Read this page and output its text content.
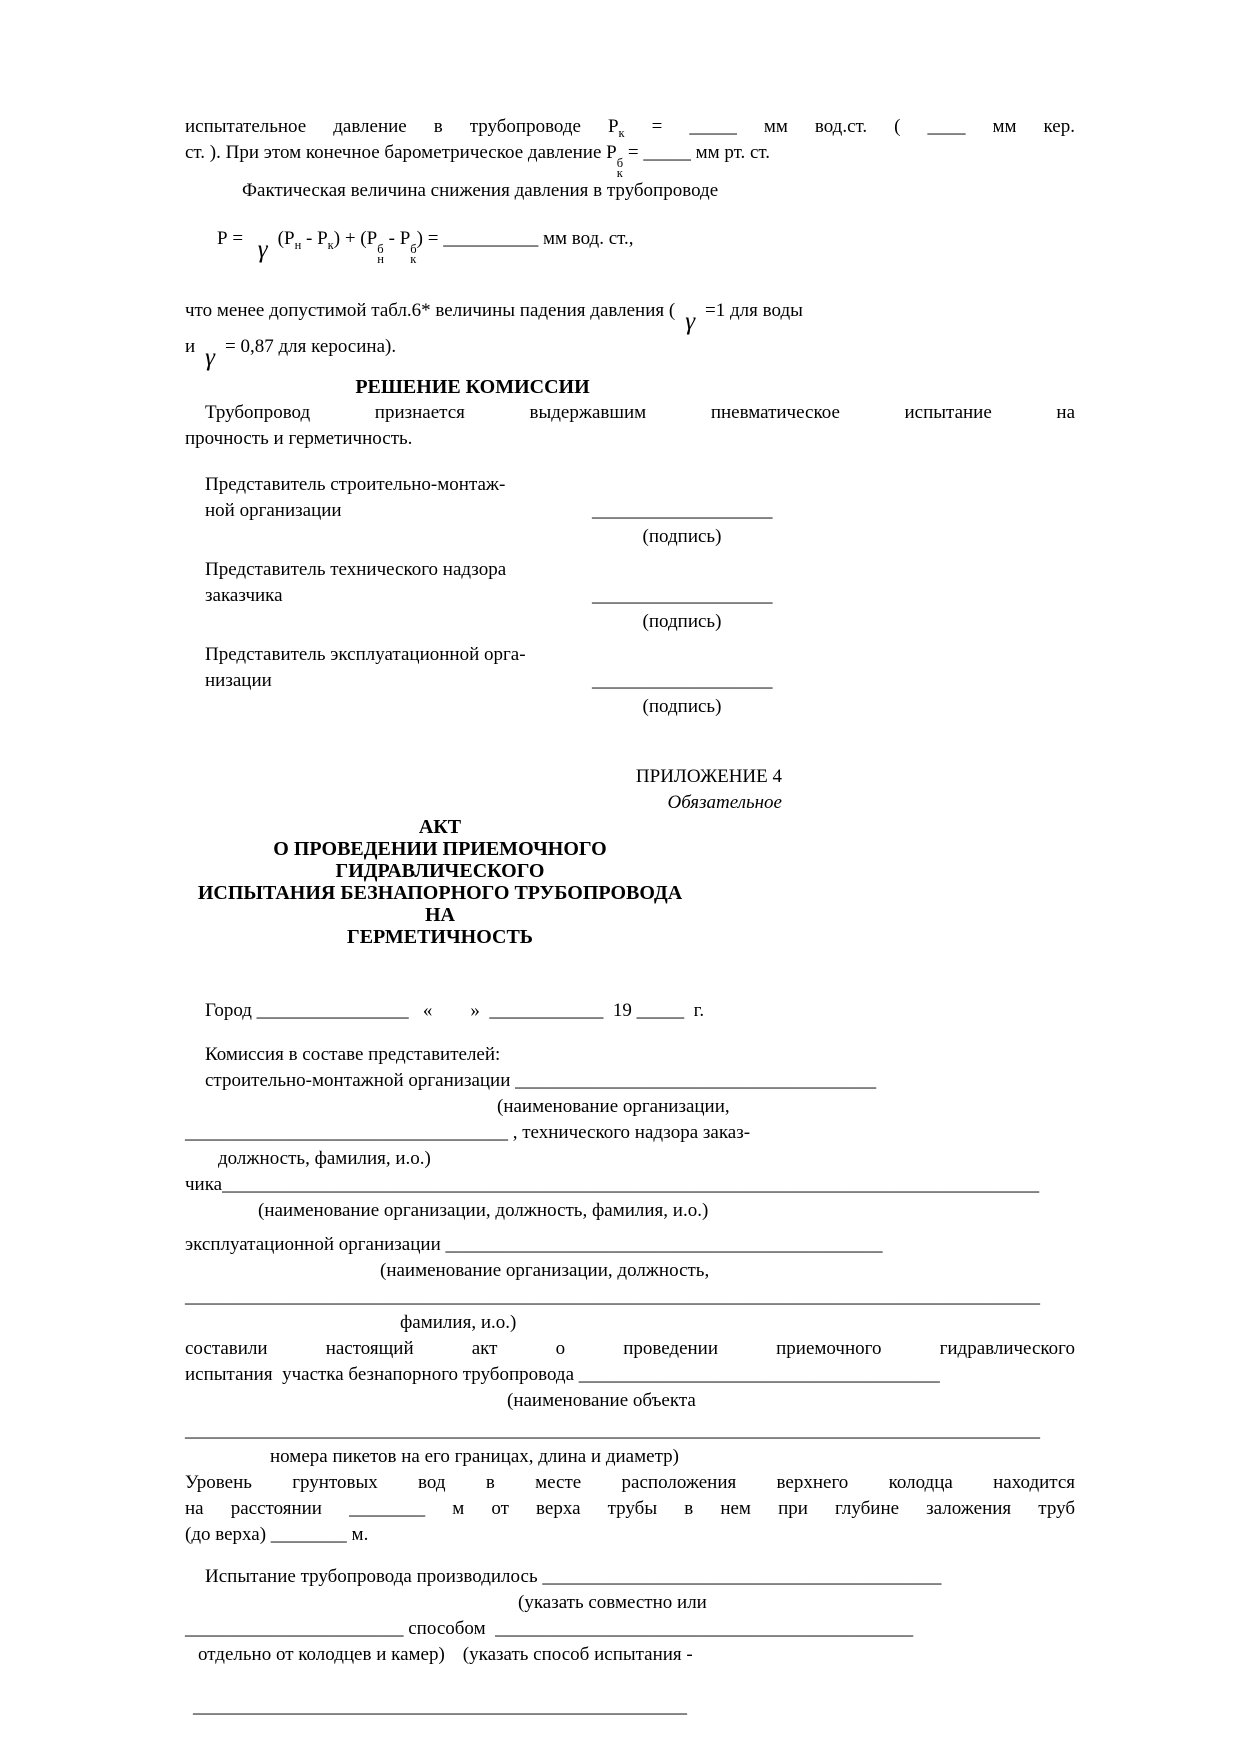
испытательное давление в трубопроводе $Р_к$ = _____ мм вод.ст. ( ____ мм кер.
ст. ). При этом конечное барометрическое давление Р б
к
= _____ мм рт. ст.
Фактическая величина снижения давления в трубопроводе
Р = γ $(Р_н - Р_к) + (Р$ б
н
- Р б
к
) = __________ мм вод. ст.,
что менее допустимой табл.6* величины падения давления ( γ =1 для воды
и γ = 0,87 для керосина).
РЕШЕНИЕ КОМИССИИ
Трубопровод признается выдержавшим пневматическое испытание на
прочность и герметичность.
Представитель строительно-монтаж-
ной организации	___________________
(подпись)
Представитель технического надзора
заказчика	___________________
(подпись)
Представитель эксплуатационной орга-
низации	___________________
(подпись)
ПРИЛОЖЕНИЕ 4
Обязательное
АКТ
О ПРОВЕДЕНИИ ПРИЕМОЧНОГО ГИДРАВЛИЧЕСКОГО
ИСПЫТАНИЯ БЕЗНАПОРНОГО ТРУБОПРОВОДА НА
ГЕРМЕТИЧНОСТЬ
Город ________________   «        »  ____________  19 _____  г.
Комиссия в составе представителей:
строительно-монтажной организации ______________________________________
(наименование организации,
__________________________________ , технического надзора заказ-
должность, фамилия, и.о.)
чика______________________________________________________________________________________
(наименование организации, должность, фамилия, и.о.)
эксплуатационной организации ______________________________________________
(наименование организации, должность,
__________________________________________________________________________________________
фамилия, и.о.)
составили настоящий акт о проведении приемочного гидравлического
испытания  участка безнапорного трубопровода ______________________________________
(наименование объекта
__________________________________________________________________________________________
номера пикетов на его границах, длина и диаметр)
Уровень грунтовых вод в месте расположения верхнего колодца находится
на расстоянии ________ м от верха трубы в нем при глубине заложения труб
(до верха) ________ м.
Испытание трубопровода производилось __________________________________________
(указать совместно или
_______________________ способом  ____________________________________________
отдельно от колодцев и камер) (указать способ испытания -
____________________________________________________
